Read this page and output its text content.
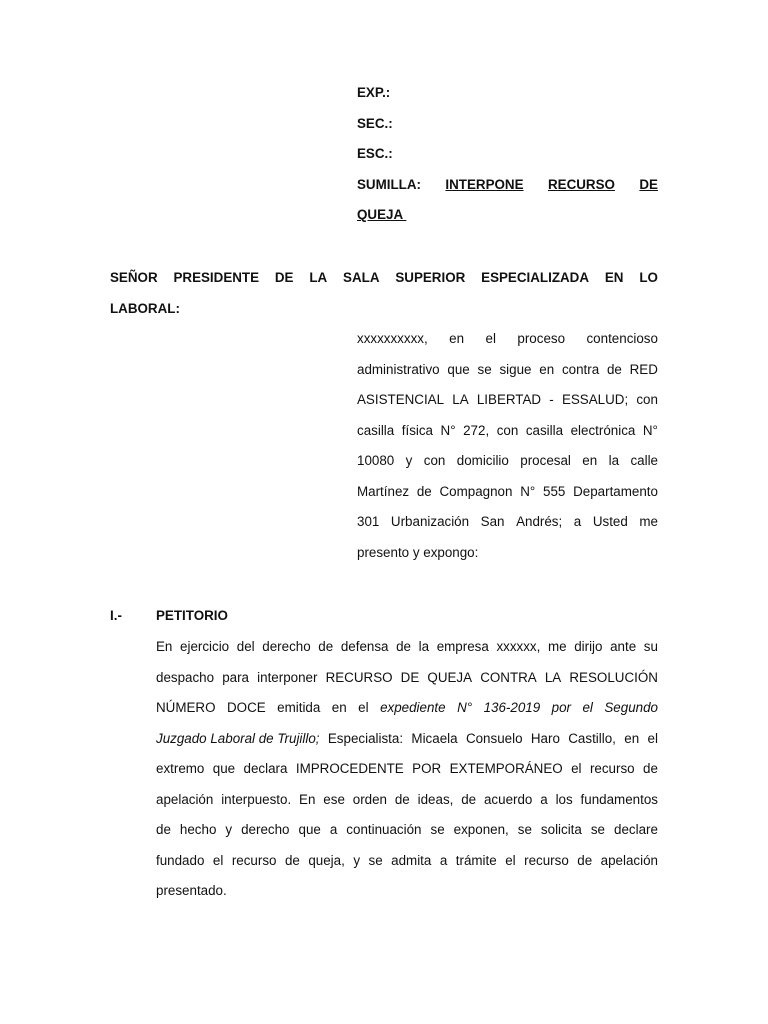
EXP.:
SEC.:
ESC.:
SUMILLA: INTERPONE RECURSO DE
QUEJA
SEÑOR PRESIDENTE DE LA SALA SUPERIOR ESPECIALIZADA EN LO
LABORAL:
xxxxxxxxxx, en el proceso contencioso
administrativo que se sigue en contra de RED
ASISTENCIAL LA LIBERTAD - ESSALUD; con
casilla física N° 272, con casilla electrónica N°
10080 y con domicilio procesal en la calle
Martínez de Compagnon N° 555 Departamento
301 Urbanización San Andrés; a Usted me
presento y expongo:
I.-	PETITORIO
En ejercicio del derecho de defensa de la empresa xxxxxx, me dirijo ante su
despacho para interponer RECURSO DE QUEJA CONTRA LA RESOLUCIÓN
NÚMERO DOCE emitida en el expediente N° 136-2019 por el Segundo
Juzgado Laboral de Trujillo; Especialista: Micaela Consuelo Haro Castillo, en el
extremo que declara IMPROCEDENTE POR EXTEMPORÁNEO el recurso de
apelación interpuesto. En ese orden de ideas, de acuerdo a los fundamentos
de hecho y derecho que a continuación se exponen, se solicita se declare
fundado el recurso de queja, y se admita a trámite el recurso de apelación
presentado.
